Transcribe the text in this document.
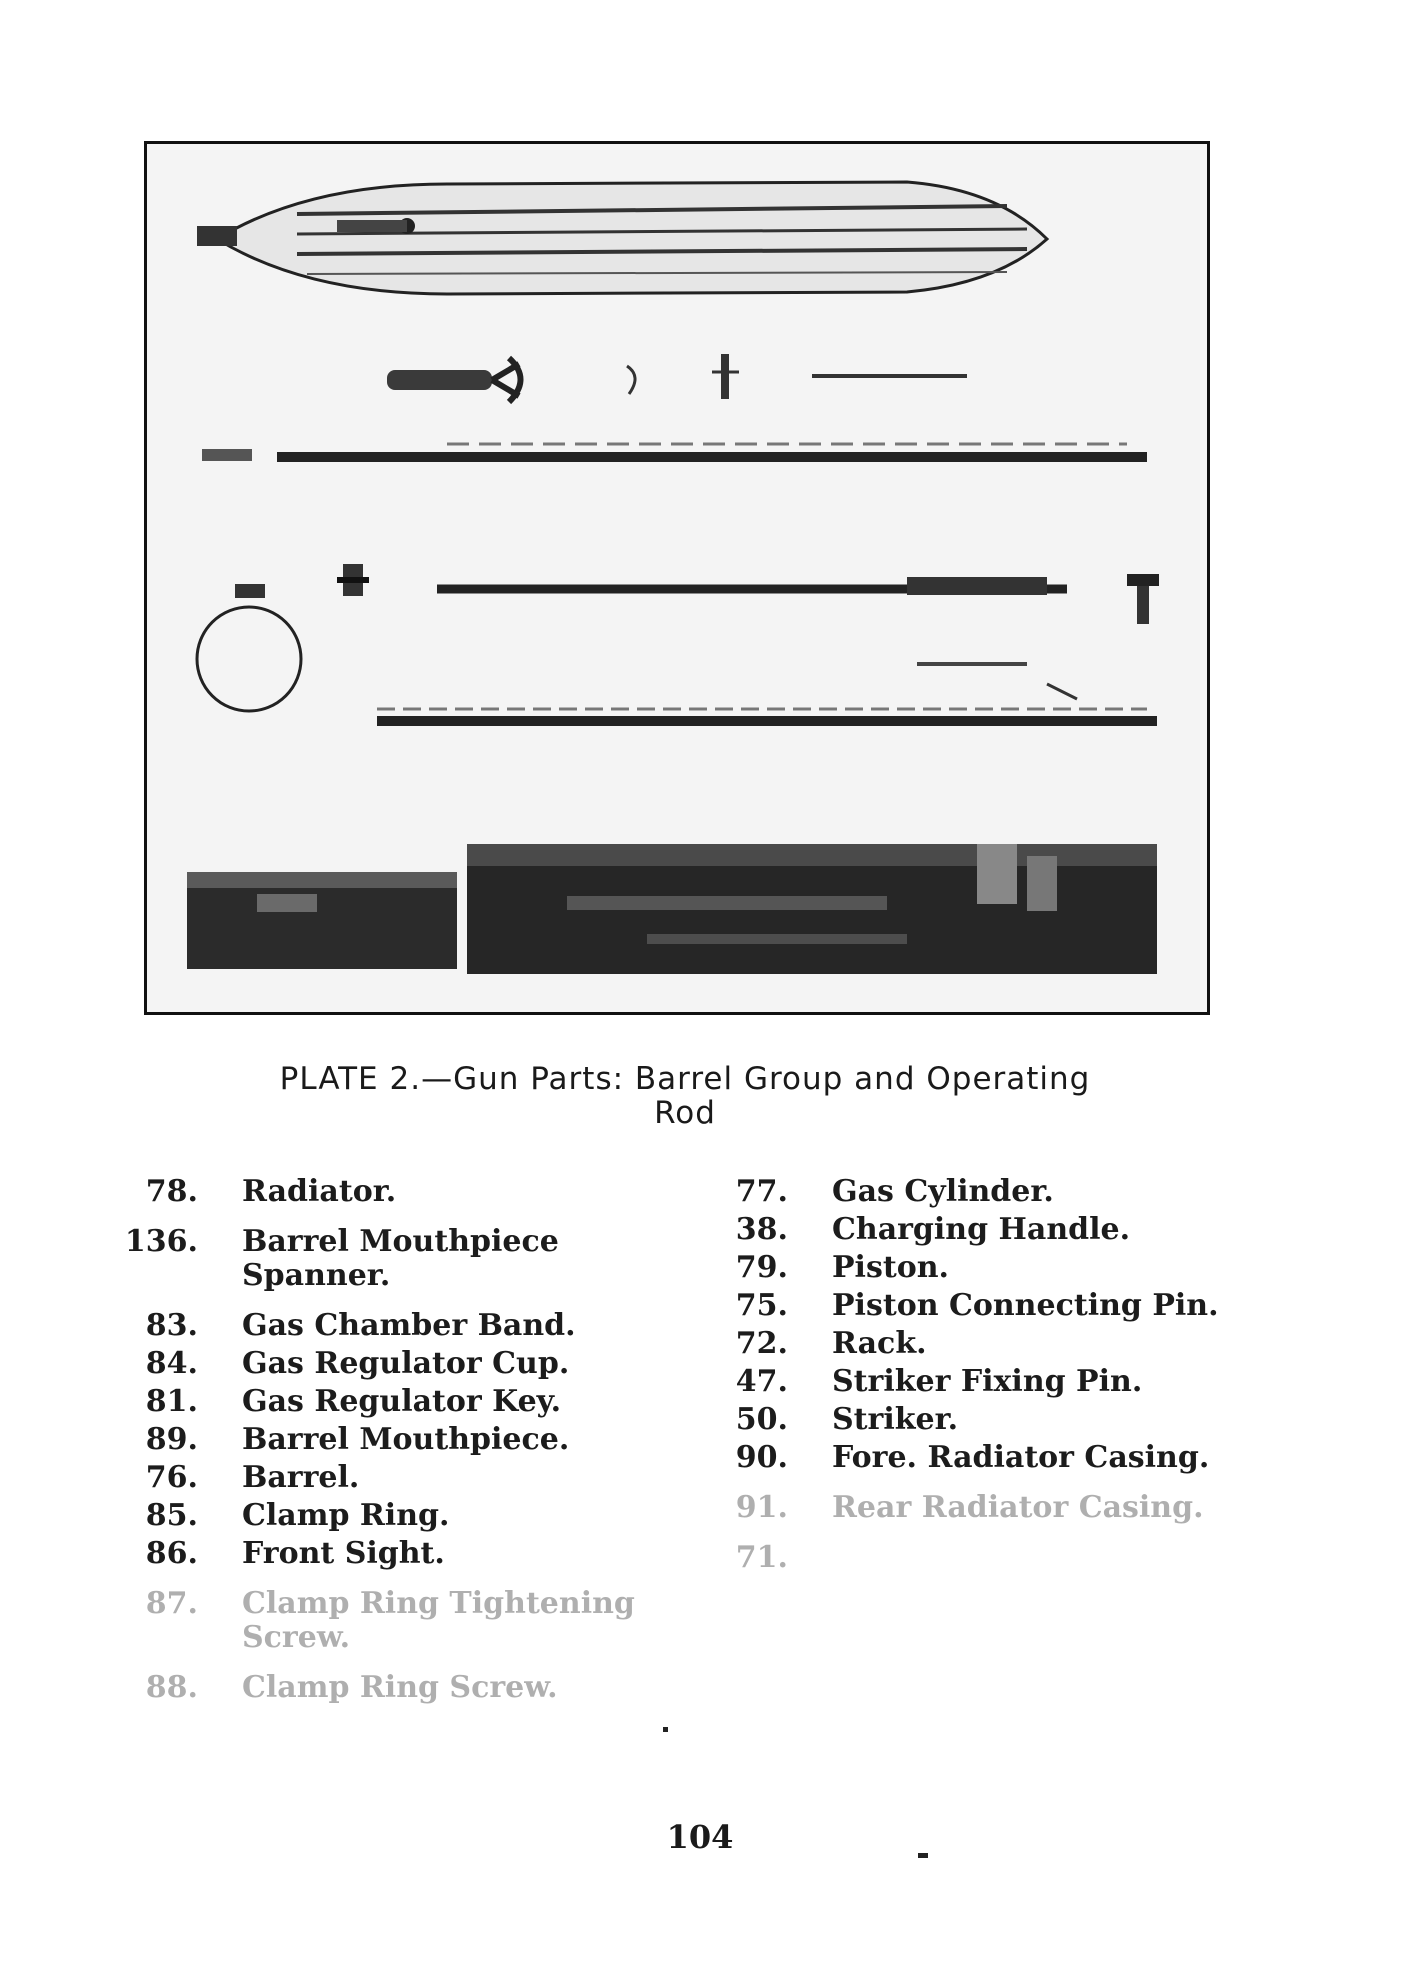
PLATE 2.—Gun Parts: Barrel Group and Operating
Rod
78. Radiator.
136. Barrel Mouthpiece Spanner.
83. Gas Chamber Band.
84. Gas Regulator Cup.
81. Gas Regulator Key.
89. Barrel Mouthpiece.
76. Barrel.
85. Clamp Ring.
86. Front Sight.
87. Clamp Ring Tightening Screw.
88. Clamp Ring Screw.
77. Gas Cylinder.
38. Charging Handle.
79. Piston.
75. Piston Connecting Pin.
72. Rack.
47. Striker Fixing Pin.
50. Striker.
90. Fore. Radiator Casing.
91. Rear Radiator Casing.
71.
104
